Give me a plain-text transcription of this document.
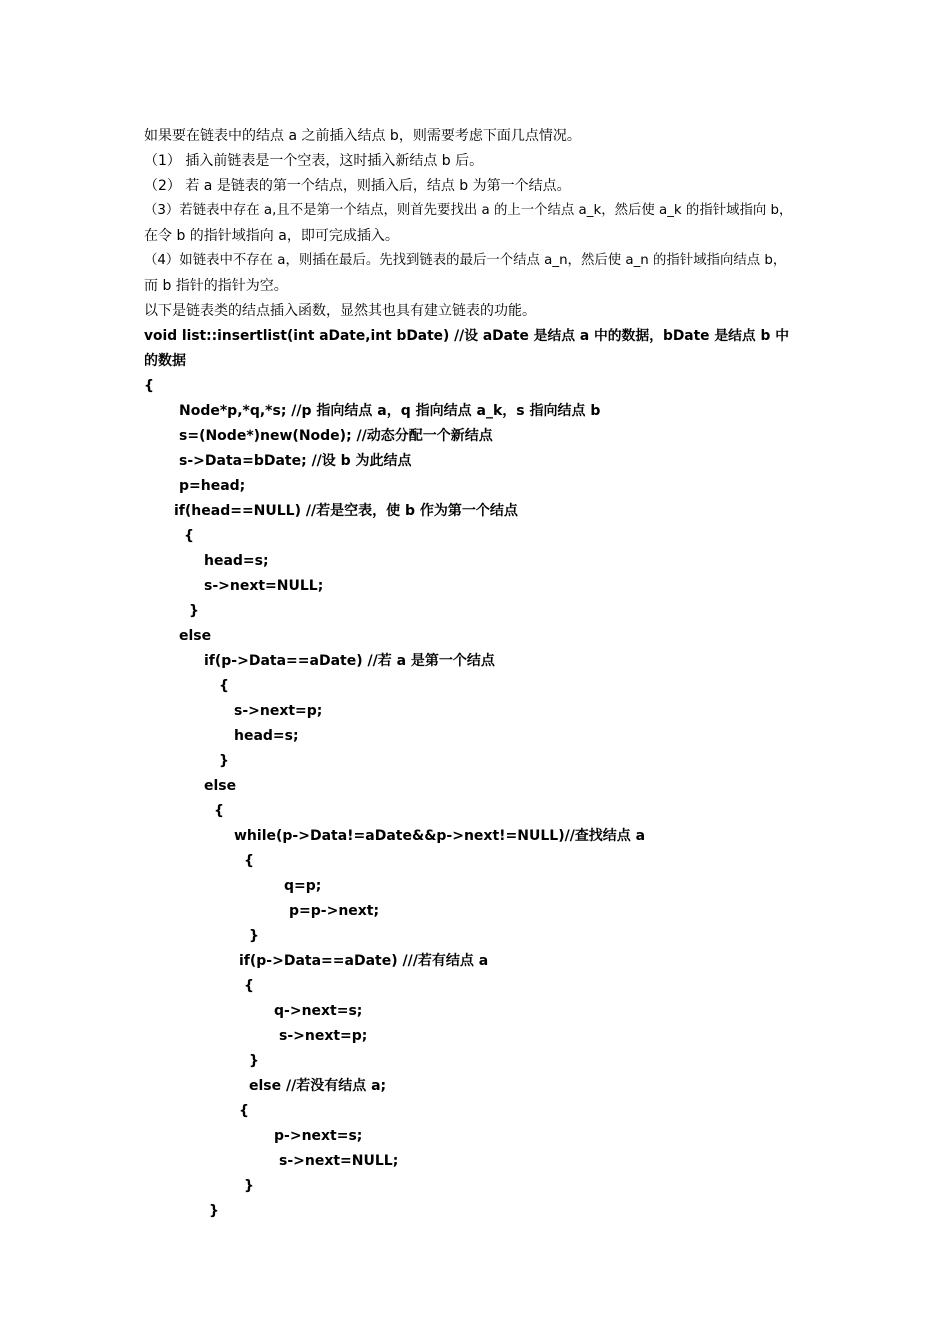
如果要在链表中的结点 a 之前插入结点 b，则需要考虑下面几点情况。
（1） 插入前链表是一个空表，这时插入新结点 b 后。
（2） 若 a 是链表的第一个结点，则插入后，结点 b 为第一个结点。
（3）若链表中存在 a,且不是第一个结点，则首先要找出 a 的上一个结点 a_k，然后使 a_k 的指针域指向 b，
在令 b 的指针域指向 a，即可完成插入。
（4）如链表中不存在 a，则插在最后。先找到链表的最后一个结点 a_n，然后使 a_n 的指针域指向结点 b，
而 b 指针的指针为空。
以下是链表类的结点插入函数，显然其也具有建立链表的功能。
void list::insertlist(int aDate,int bDate) //设 aDate 是结点 a 中的数据，bDate 是结点 b 中
的数据
{
Node*p,*q,*s; //p 指向结点 a，q 指向结点 a_k，s 指向结点 b
s=(Node*)new(Node); //动态分配一个新结点
s->Data=bDate; //设 b 为此结点
p=head;
if(head==NULL) //若是空表，使 b 作为第一个结点
{
head=s;
s->next=NULL;
}
else
if(p->Data==aDate) //若 a 是第一个结点
{
s->next=p;
head=s;
}
else
{
while(p->Data!=aDate&&p->next!=NULL)//查找结点 a
{
q=p;
p=p->next;
}
if(p->Data==aDate) ///若有结点 a
{
q->next=s;
s->next=p;
}
else //若没有结点 a;
{
p->next=s;
s->next=NULL;
}
}
